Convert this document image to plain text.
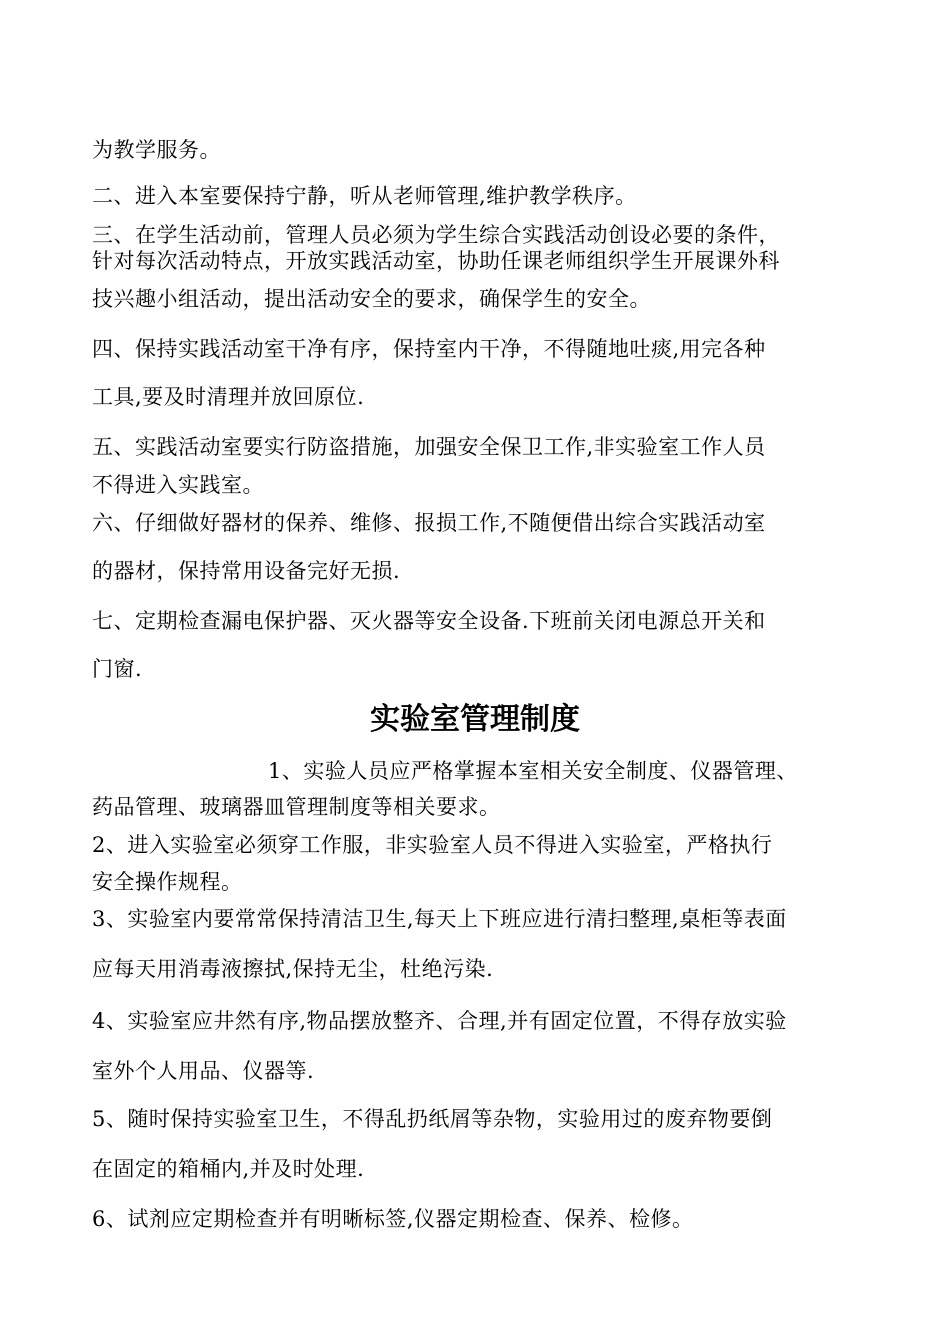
为教学服务。
二、进入本室要保持宁静，听从老师管理,维护教学秩序。
三、在学生活动前，管理人员必须为学生综合实践活动创设必要的条件，
针对每次活动特点，开放实践活动室，协助任课老师组织学生开展课外科
技兴趣小组活动，提出活动安全的要求，确保学生的安全。
四、保持实践活动室干净有序，保持室内干净，不得随地吐痰,用完各种
工具,要及时清理并放回原位.
五、实践活动室要实行防盗措施，加强安全保卫工作,非实验室工作人员
不得进入实践室。
六、仔细做好器材的保养、维修、报损工作,不随便借出综合实践活动室
的器材，保持常用设备完好无损.
七、定期检查漏电保护器、灭火器等安全设备.下班前关闭电源总开关和
门窗.
实验室管理制度
1、实验人员应严格掌握本室相关安全制度、仪器管理、
药品管理、玻璃器皿管理制度等相关要求。
2、进入实验室必须穿工作服，非实验室人员不得进入实验室，严格执行
安全操作规程。
3、实验室内要常常保持清洁卫生,每天上下班应进行清扫整理,桌柜等表面
应每天用消毒液擦拭,保持无尘，杜绝污染.
4、实验室应井然有序,物品摆放整齐、合理,并有固定位置，不得存放实验
室外个人用品、仪器等.
5、随时保持实验室卫生，不得乱扔纸屑等杂物，实验用过的废弃物要倒
在固定的箱桶内,并及时处理.
6、试剂应定期检查并有明晰标签,仪器定期检查、保养、检修。
